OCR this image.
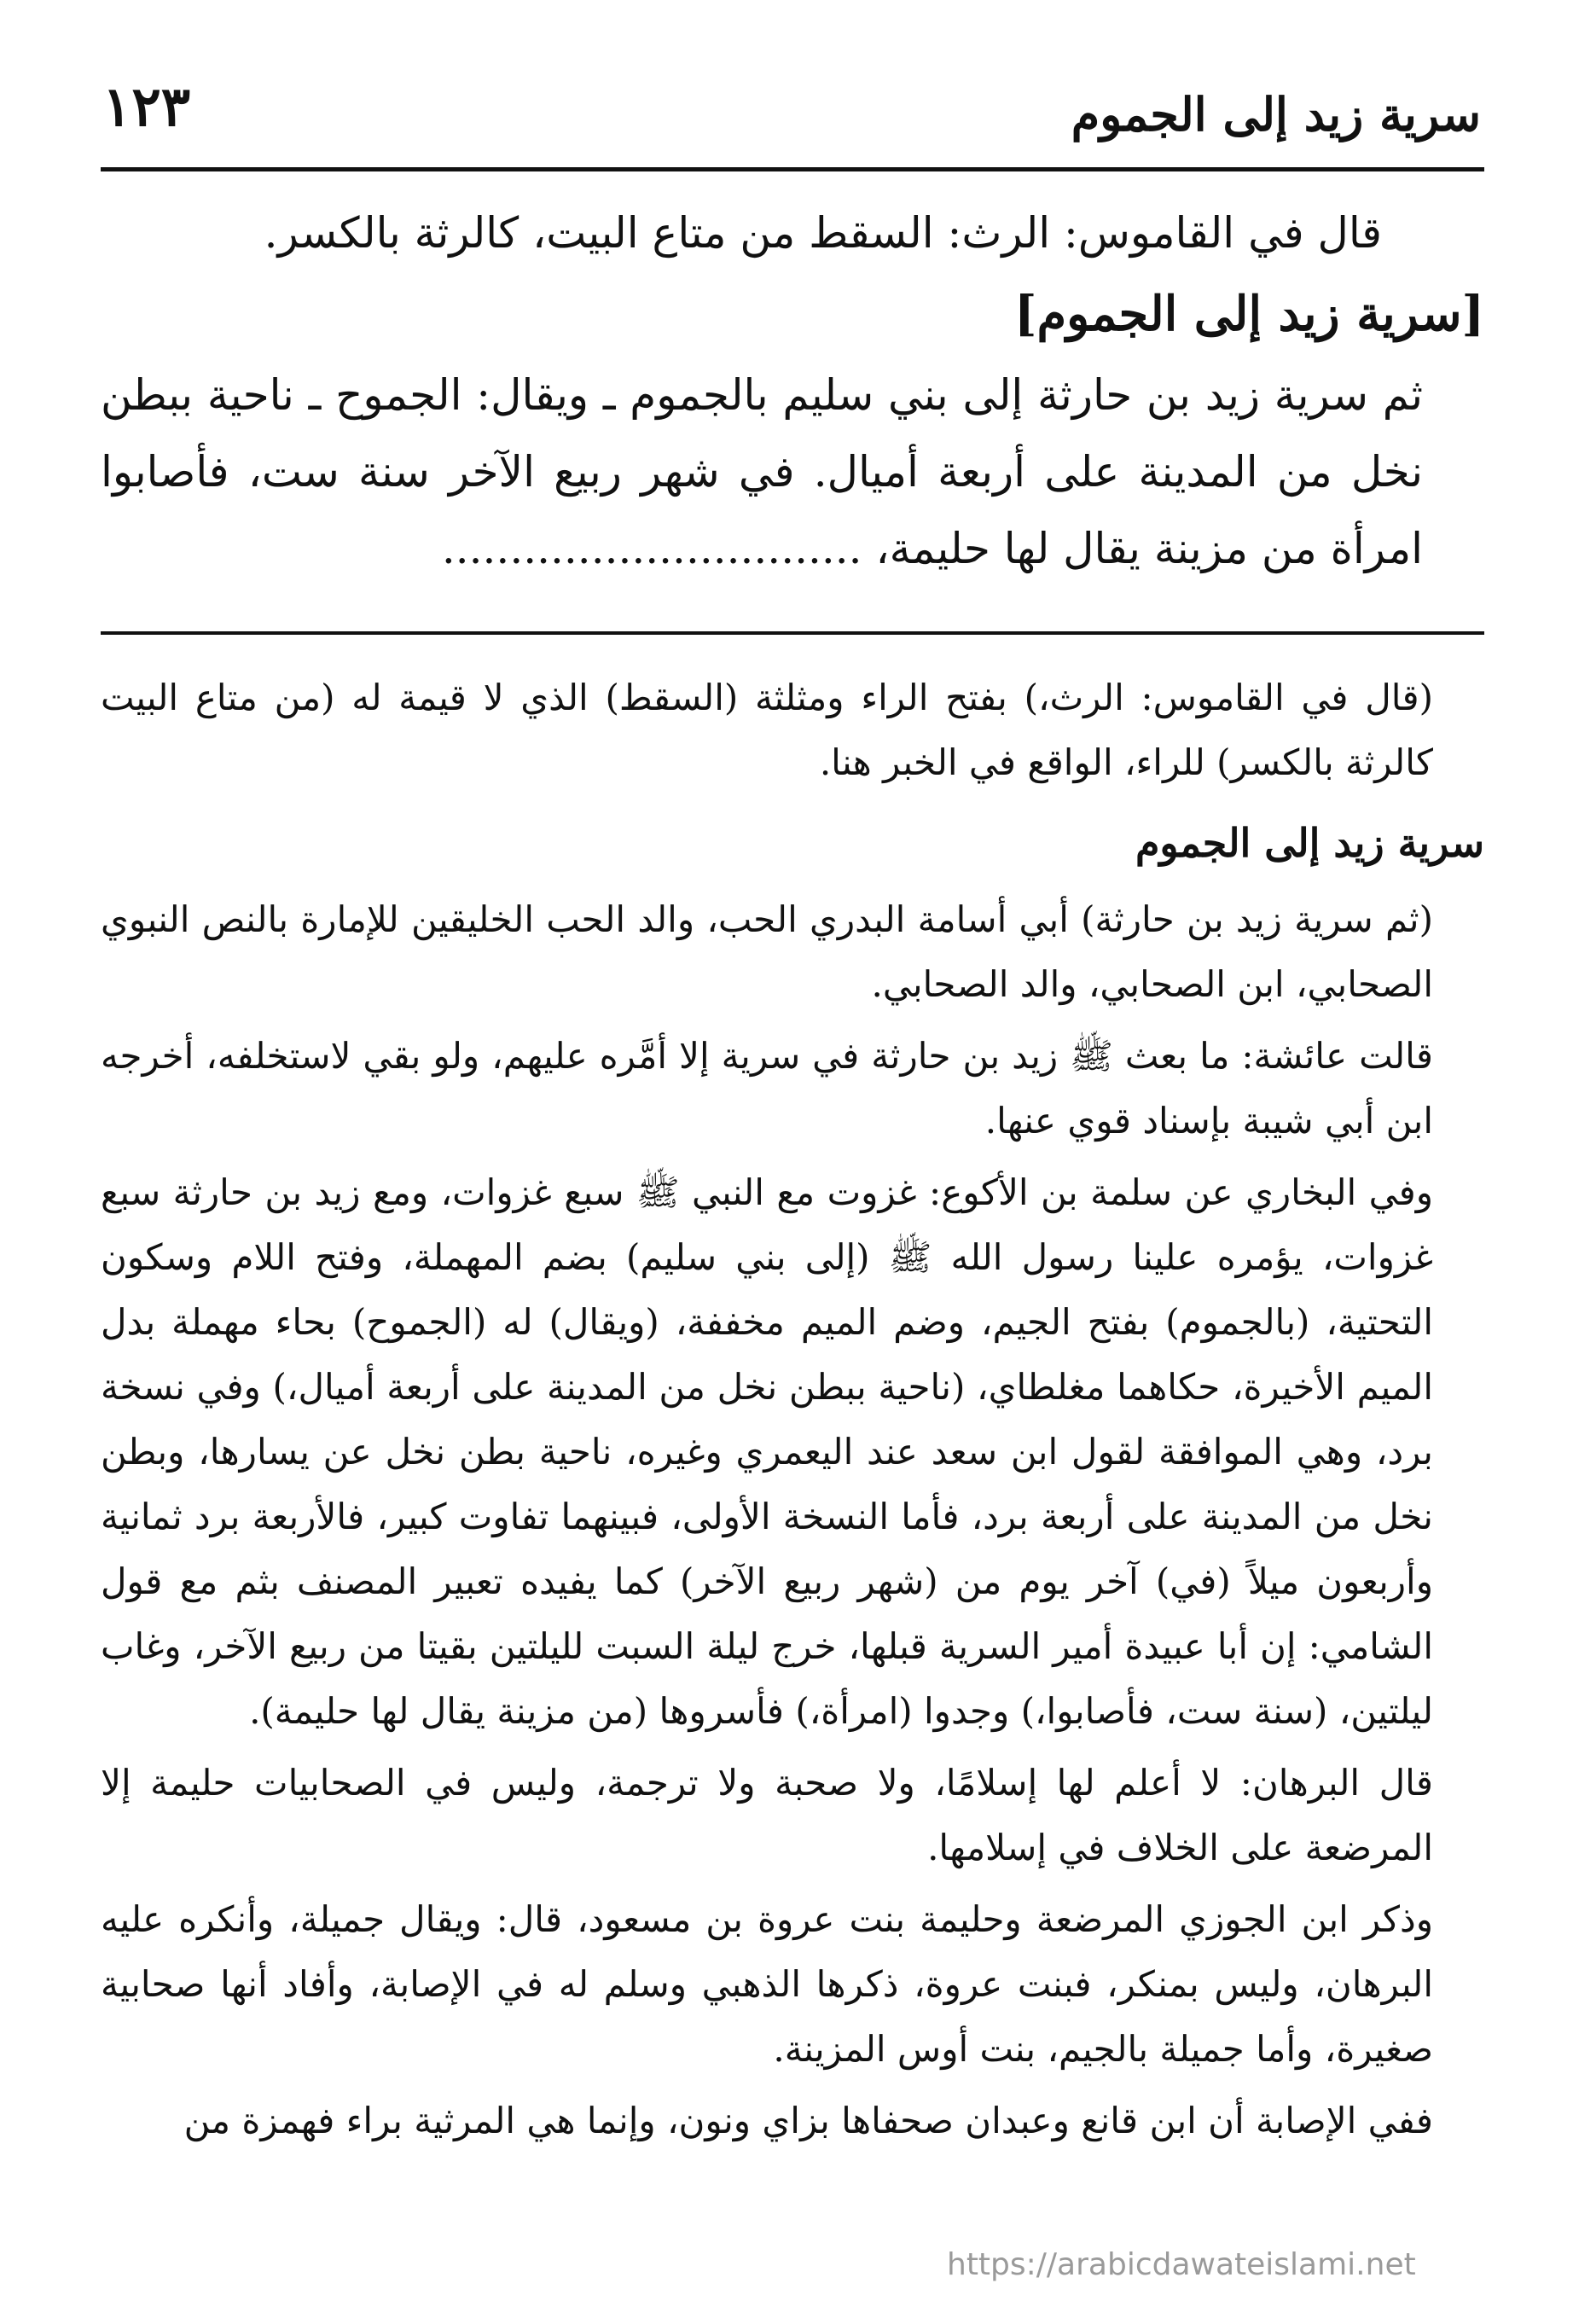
سرية زيد إلى الجموم
١٢٣

قال في القاموس: الرث: السقط من متاع البيت، كالرثة بالكسر.

[سرية زيد إلى الجموم]

ثم سرية زيد بن حارثة إلى بني سليم بالجموم ـ ويقال: الجموح ـ ناحية ببطن نخل من المدينة على أربعة أميال. في شهر ربيع الآخر سنة ست، فأصابوا امرأة من مزينة يقال لها حليمة، ...............................

(قال في القاموس: الرث،) بفتح الراء ومثلثة (السقط) الذي لا قيمة له (من متاع البيت كالرثة بالكسر) للراء، الواقع في الخبر هنا.

سرية زيد إلى الجموم

(ثم سرية زيد بن حارثة) أبي أسامة البدري الحب، والد الحب الخليقين للإمارة بالنص النبوي الصحابي، ابن الصحابي، والد الصحابي.

قالت عائشة: ما بعث ﷺ زيد بن حارثة في سرية إلا أمَّره عليهم، ولو بقي لاستخلفه، أخرجه ابن أبي شيبة بإسناد قوي عنها.

وفي البخاري عن سلمة بن الأكوع: غزوت مع النبي ﷺ سبع غزوات، ومع زيد بن حارثة سبع غزوات، يؤمره علينا رسول الله ﷺ (إلى بني سليم) بضم المهملة، وفتح اللام وسكون التحتية، (بالجموم) بفتح الجيم، وضم الميم مخففة، (ويقال) له (الجموح) بحاء مهملة بدل الميم الأخيرة، حكاهما مغلطاي، (ناحية ببطن نخل من المدينة على أربعة أميال،) وفي نسخة برد، وهي الموافقة لقول ابن سعد عند اليعمري وغيره، ناحية بطن نخل عن يسارها، وبطن نخل من المدينة على أربعة برد، فأما النسخة الأولى، فبينهما تفاوت كبير، فالأربعة برد ثمانية وأربعون ميلاً (في) آخر يوم من (شهر ربيع الآخر) كما يفيده تعبير المصنف بثم مع قول الشامي: إن أبا عبيدة أمير السرية قبلها، خرج ليلة السبت لليلتين بقيتا من ربيع الآخر، وغاب ليلتين، (سنة ست، فأصابوا،) وجدوا (امرأة،) فأسروها (من مزينة يقال لها حليمة).

قال البرهان: لا أعلم لها إسلامًا، ولا صحبة ولا ترجمة، وليس في الصحابيات حليمة إلا المرضعة على الخلاف في إسلامها.

وذكر ابن الجوزي المرضعة وحليمة بنت عروة بن مسعود، قال: ويقال جميلة، وأنكره عليه البرهان، وليس بمنكر، فبنت عروة، ذكرها الذهبي وسلم له في الإصابة، وأفاد أنها صحابية صغيرة، وأما جميلة بالجيم، بنت أوس المزينة.

ففي الإصابة أن ابن قانع وعبدان صحفاها بزاي ونون، وإنما هي المرثية براء فهمزة من

https://arabicdawateislami.net
